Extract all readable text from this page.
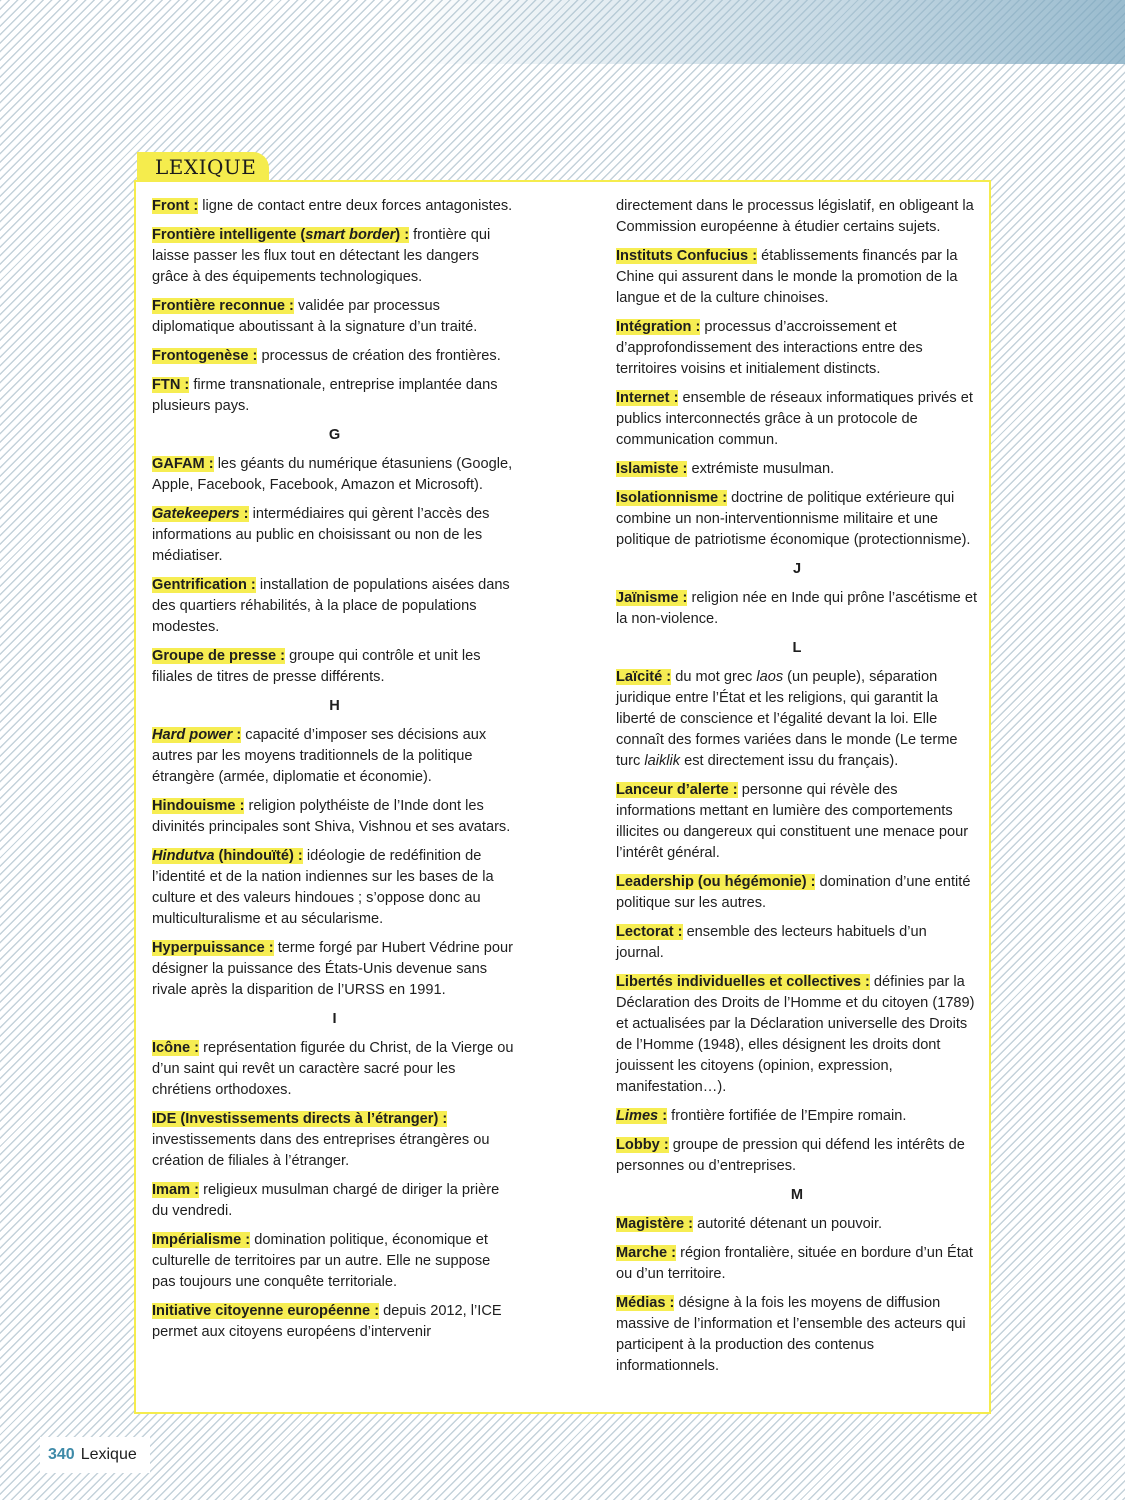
LEXIQUE

Front : ligne de contact entre deux forces antagonistes.

Frontière intelligente (smart border) : frontière qui laisse passer les flux tout en détectant les dangers grâce à des équipements technologiques.

Frontière reconnue : validée par processus diplomatique aboutissant à la signature d’un traité.

Frontogenèse : processus de création des frontières.

FTN : firme transnationale, entreprise implantée dans plusieurs pays.

G

GAFAM : les géants du numérique étasuniens (Google, Apple, Facebook, Facebook, Amazon et Microsoft).

Gatekeepers : intermédiaires qui gèrent l’accès des informations au public en choisissant ou non de les médiatiser.

Gentrification : installation de populations aisées dans des quartiers réhabilités, à la place de populations modestes.

Groupe de presse : groupe qui contrôle et unit les filiales de titres de presse différents.

H

Hard power : capacité d’imposer ses décisions aux autres par les moyens traditionnels de la politique étrangère (armée, diplomatie et économie).

Hindouisme : religion polythéiste de l’Inde dont les divinités principales sont Shiva, Vishnou et ses avatars.

Hindutva (hindouïté) : idéologie de redéfinition de l’identité et de la nation indiennes sur les bases de la culture et des valeurs hindoues ; s’oppose donc au multiculturalisme et au sécularisme.

Hyperpuissance : terme forgé par Hubert Védrine pour désigner la puissance des États-Unis devenue sans rivale après la disparition de l’URSS en 1991.

I

Icône : représentation figurée du Christ, de la Vierge ou d’un saint qui revêt un caractère sacré pour les chrétiens orthodoxes.

IDE (Investissements directs à l’étranger) : investissements dans des entreprises étrangères ou création de filiales à l’étranger.

Imam : religieux musulman chargé de diriger la prière du vendredi.

Impérialisme : domination politique, économique et culturelle de territoires par un autre. Elle ne suppose pas toujours une conquête territoriale.

Initiative citoyenne européenne : depuis 2012, l’ICE permet aux citoyens européens d’intervenir

directement dans le processus législatif, en obligeant la Commission européenne à étudier certains sujets.

Instituts Confucius : établissements financés par la Chine qui assurent dans le monde la promotion de la langue et de la culture chinoises.

Intégration : processus d’accroissement et d’approfondissement des interactions entre des territoires voisins et initialement distincts.

Internet : ensemble de réseaux informatiques privés et publics interconnectés grâce à un protocole de communication commun.

Islamiste : extrémiste musulman.

Isolationnisme : doctrine de politique extérieure qui combine un non-interventionnisme militaire et une politique de patriotisme économique (protectionnisme).

J

Jaïnisme : religion née en Inde qui prône l’ascétisme et la non-violence.

L

Laïcité : du mot grec laos (un peuple), séparation juridique entre l’État et les religions, qui garantit la liberté de conscience et l’égalité devant la loi. Elle connaît des formes variées dans le monde (Le terme turc laiklik est directement issu du français).

Lanceur d’alerte : personne qui révèle des informations mettant en lumière des comportements illicites ou dangereux qui constituent une menace pour l’intérêt général.

Leadership (ou hégémonie) : domination d’une entité politique sur les autres.

Lectorat : ensemble des lecteurs habituels d’un journal.

Libertés individuelles et collectives : définies par la Déclaration des Droits de l’Homme et du citoyen (1789) et actualisées par la Déclaration universelle des Droits de l’Homme (1948), elles désignent les droits dont jouissent les citoyens (opinion, expression, manifestation…).

Limes : frontière fortifiée de l’Empire romain.

Lobby : groupe de pression qui défend les intérêts de personnes ou d’entreprises.

M

Magistère : autorité détenant un pouvoir.

Marche : région frontalière, située en bordure d’un État ou d’un territoire.

Médias : désigne à la fois les moyens de diffusion massive de l’information et l’ensemble des acteurs qui participent à la production des contenus informationnels.

340 Lexique
